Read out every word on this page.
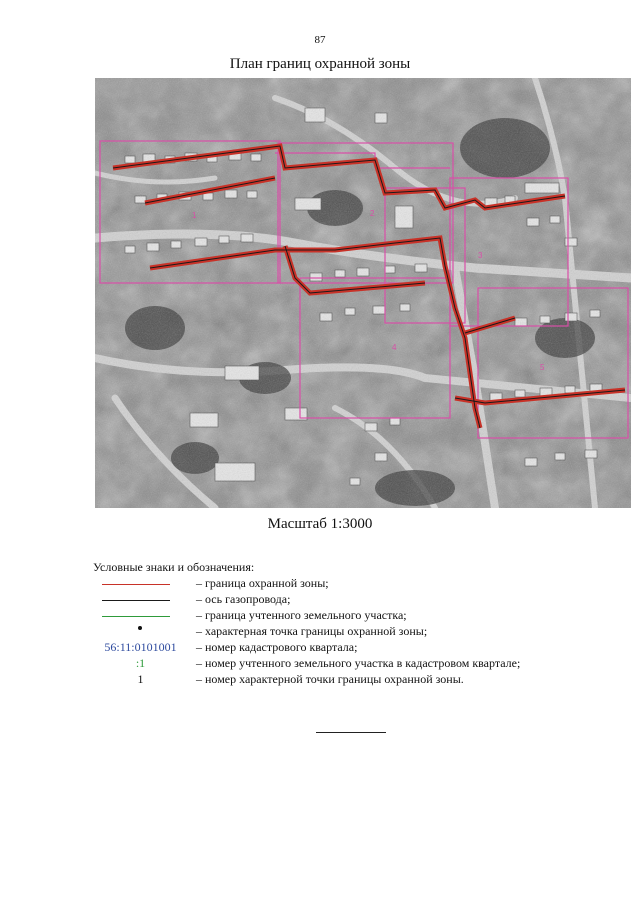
87
План границ охранной зоны
1	2
3
4
5
Масштаб 1:3000
Условные знаки и обозначения:
– граница охранной зоны;
– ось газопровода;
– граница учтенного земельного участка;
– характерная точка границы охранной зоны;
56:11:0101001	– номер кадастрового квартала;
:1	– номер учтенного земельного участка в кадастровом квартале;
1	– номер характерной точки границы охранной зоны.
